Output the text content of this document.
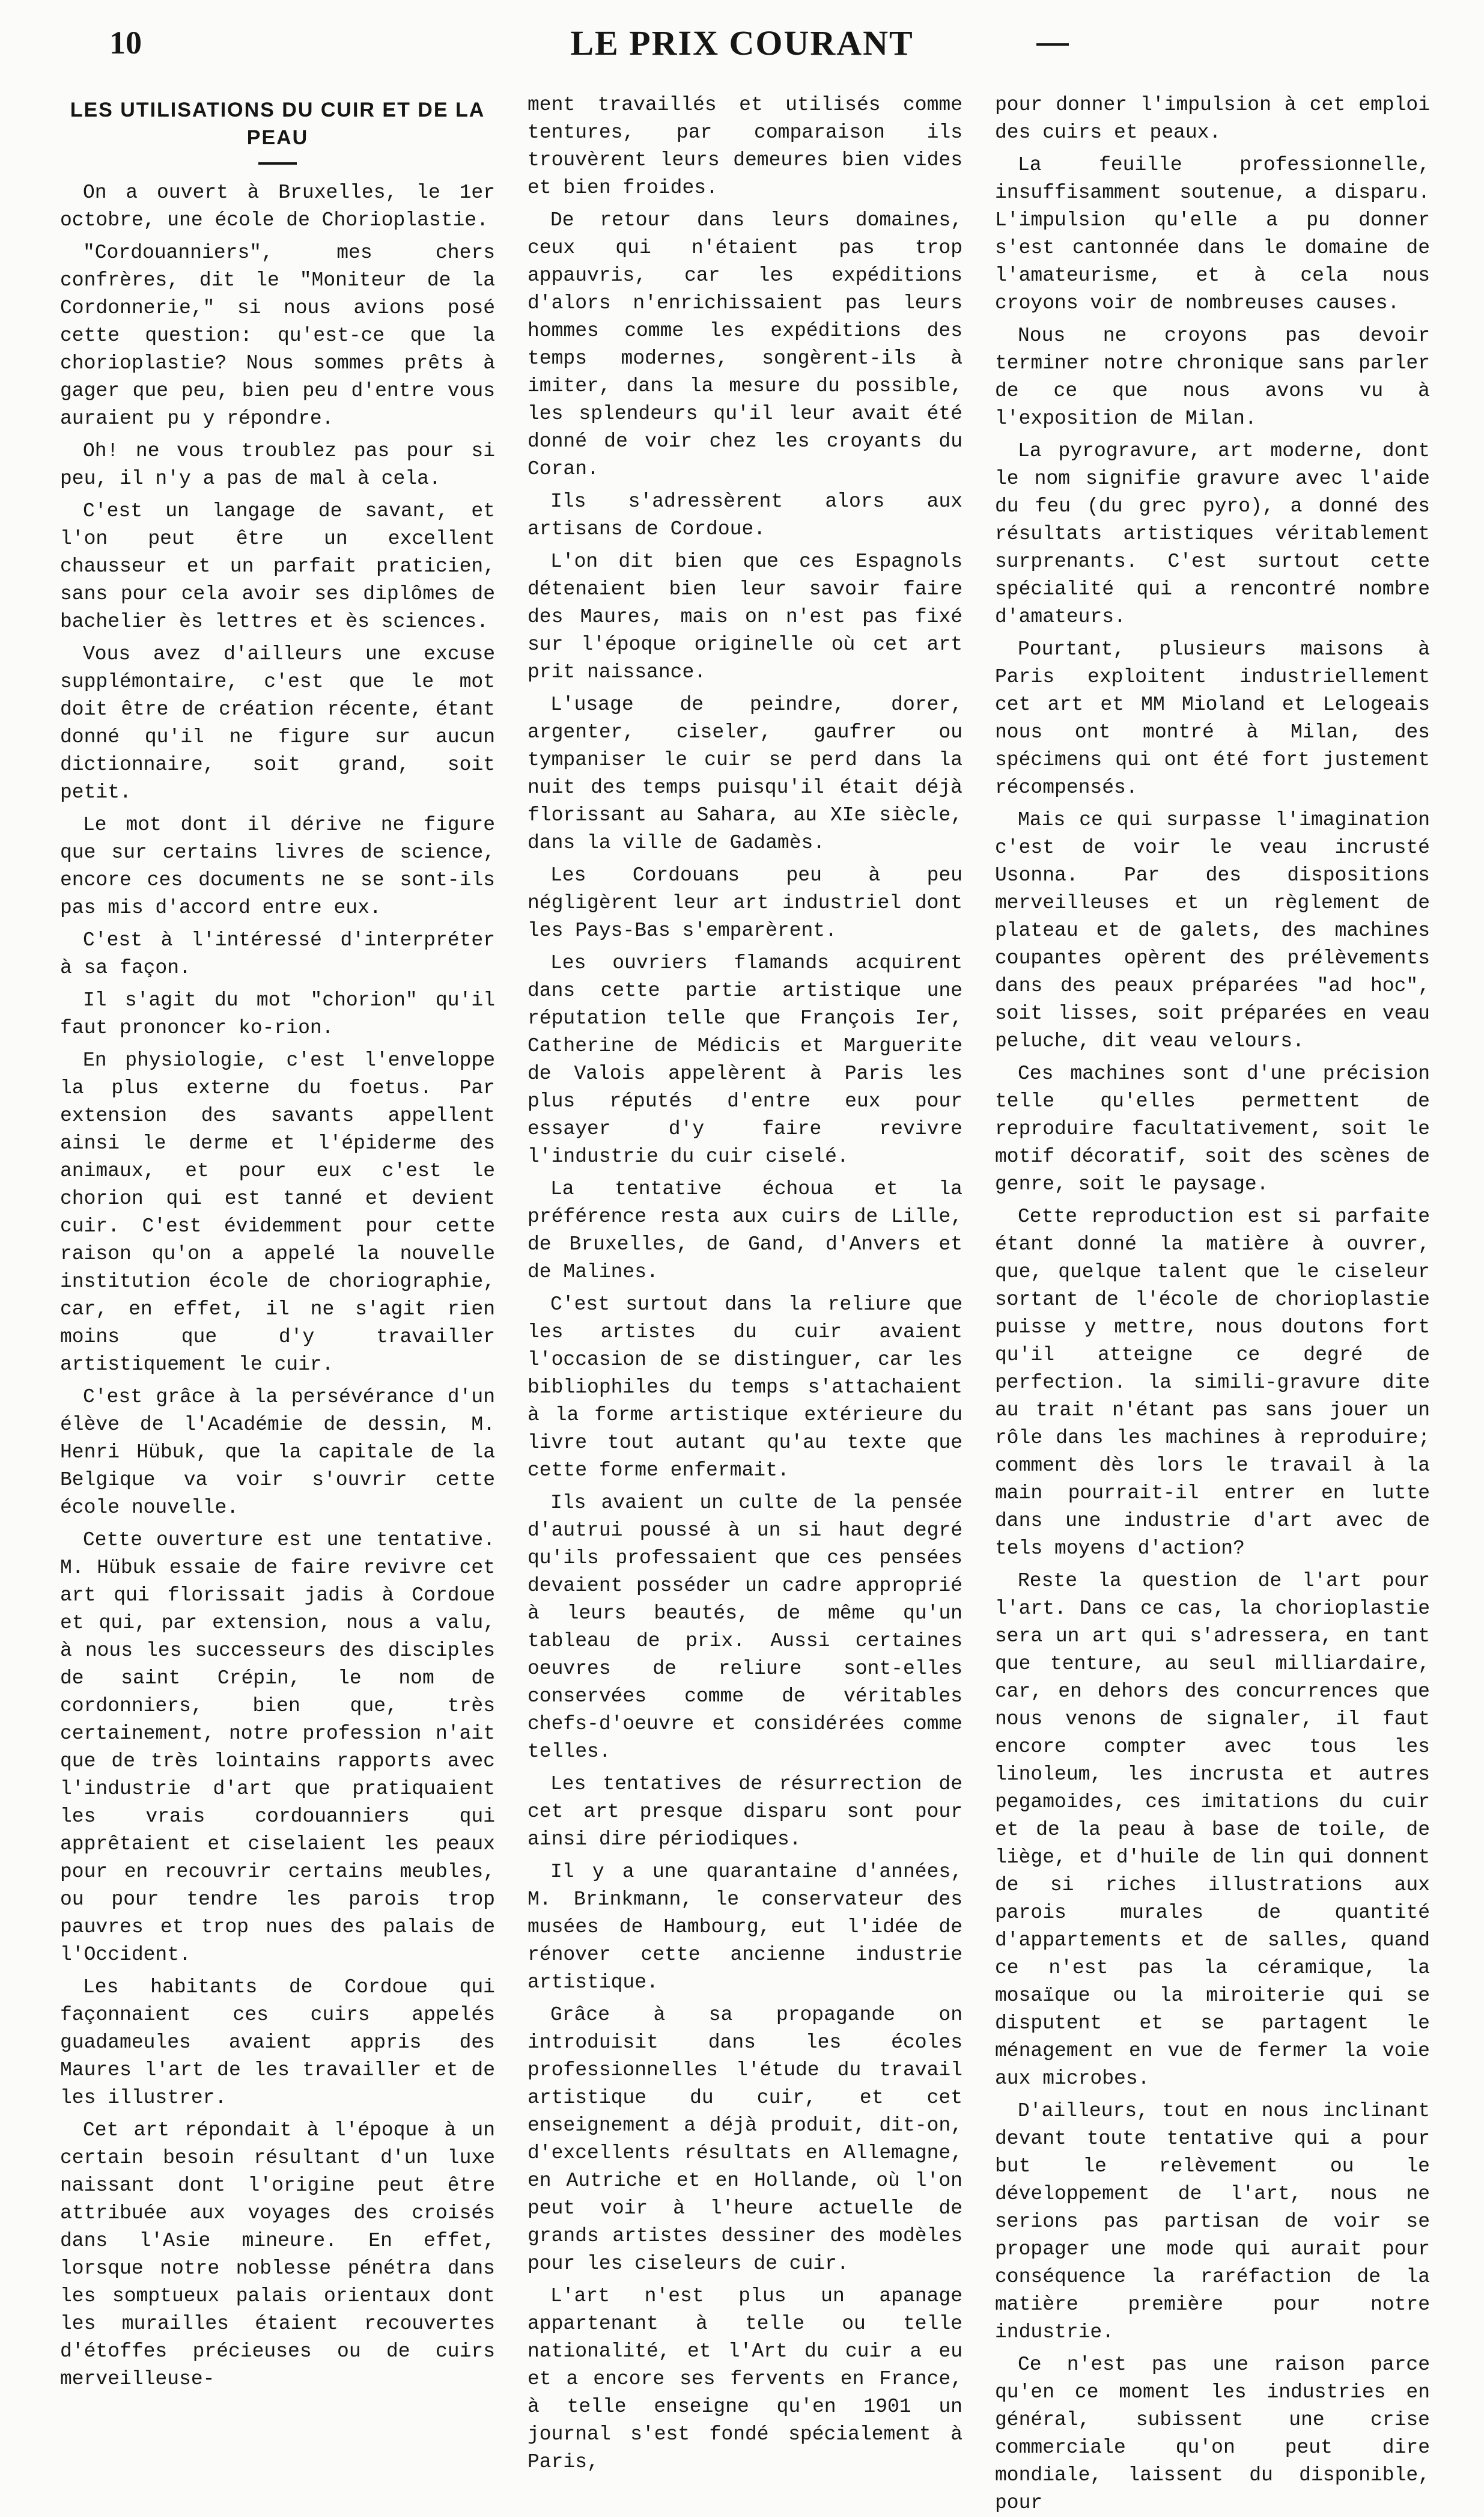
10	LE PRIX COURANT
LES UTILISATIONS DU CUIR ET DE LA PEAU

On a ouvert à Bruxelles, le 1er octobre, une école de Chorioplastie.

"Cordouanniers", mes chers confrères, dit le "Moniteur de la Cordonnerie," si nous avions posé cette question: qu'est-ce que la chorioplastie? Nous sommes prêts à gager que peu, bien peu d'entre vous auraient pu y répondre.

Oh! ne vous troublez pas pour si peu, il n'y a pas de mal à cela.

C'est un langage de savant, et l'on peut être un excellent chausseur et un parfait praticien, sans pour cela avoir ses diplômes de bachelier ès lettres et ès sciences.

Vous avez d'ailleurs une excuse supplémontaire, c'est que le mot doit être de création récente, étant donné qu'il ne figure sur aucun dictionnaire, soit grand, soit petit.

Le mot dont il dérive ne figure que sur certains livres de science, encore ces documents ne se sont-ils pas mis d'accord entre eux.

C'est à l'intéressé d'interpréter à sa façon.

Il s'agit du mot "chorion" qu'il faut prononcer ko-rion.

En physiologie, c'est l'enveloppe la plus externe du foetus. Par extension des savants appellent ainsi le derme et l'épiderme des animaux, et pour eux c'est le chorion qui est tanné et devient cuir. C'est évidemment pour cette raison qu'on a appelé la nouvelle institution école de choriographie, car, en effet, il ne s'agit rien moins que d'y travailler artistiquement le cuir.

C'est grâce à la persévérance d'un élève de l'Académie de dessin, M. Henri Hübuk, que la capitale de la Belgique va voir s'ouvrir cette école nouvelle.

Cette ouverture est une tentative. M. Hübuk essaie de faire revivre cet art qui florissait jadis à Cordoue et qui, par extension, nous a valu, à nous les successeurs des disciples de saint Crépin, le nom de cordonniers, bien que, très certainement, notre profession n'ait que de très lointains rapports avec l'industrie d'art que pratiquaient les vrais cordouanniers qui apprêtaient et ciselaient les peaux pour en recouvrir certains meubles, ou pour tendre les parois trop pauvres et trop nues des palais de l'Occident.

Les habitants de Cordoue qui façonnaient ces cuirs appelés guadameules avaient appris des Maures l'art de les travailler et de les illustrer.

Cet art répondait à l'époque à un certain besoin résultant d'un luxe naissant dont l'origine peut être attribuée aux voyages des croisés dans l'Asie mineure. En effet, lorsque notre noblesse pénétra dans les somptueux palais orientaux dont les murailles étaient recouvertes d'étoffes précieuses ou de cuirs merveilleuse-

ment travaillés et utilisés comme tentures, par comparaison ils trouvèrent leurs demeures bien vides et bien froides.

De retour dans leurs domaines, ceux qui n'étaient pas trop appauvris, car les expéditions d'alors n'enrichissaient pas leurs hommes comme les expéditions des temps modernes, songèrent-ils à imiter, dans la mesure du possible, les splendeurs qu'il leur avait été donné de voir chez les croyants du Coran.

Ils s'adressèrent alors aux artisans de Cordoue.

L'on dit bien que ces Espagnols détenaient bien leur savoir faire des Maures, mais on n'est pas fixé sur l'époque originelle où cet art prit naissance.

L'usage de peindre, dorer, argenter, ciseler, gaufrer ou tympaniser le cuir se perd dans la nuit des temps puisqu'il était déjà florissant au Sahara, au XIe siècle, dans la ville de Gadamès.

Les Cordouans peu à peu négligèrent leur art industriel dont les Pays-Bas s'emparèrent.

Les ouvriers flamands acquirent dans cette partie artistique une réputation telle que François Ier, Catherine de Médicis et Marguerite de Valois appelèrent à Paris les plus réputés d'entre eux pour essayer d'y faire revivre l'industrie du cuir ciselé.

La tentative échoua et la préférence resta aux cuirs de Lille, de Bruxelles, de Gand, d'Anvers et de Malines.

C'est surtout dans la reliure que les artistes du cuir avaient l'occasion de se distinguer, car les bibliophiles du temps s'attachaient à la forme artistique extérieure du livre tout autant qu'au texte que cette forme enfermait.

Ils avaient un culte de la pensée d'autrui poussé à un si haut degré qu'ils professaient que ces pensées devaient posséder un cadre approprié à leurs beautés, de même qu'un tableau de prix. Aussi certaines oeuvres de reliure sont-elles conservées comme de véritables chefs-d'oeuvre et considérées comme telles.

Les tentatives de résurrection de cet art presque disparu sont pour ainsi dire périodiques.

Il y a une quarantaine d'années, M. Brinkmann, le conservateur des musées de Hambourg, eut l'idée de rénover cette ancienne industrie artistique.

Grâce à sa propagande on introduisit dans les écoles professionnelles l'étude du travail artistique du cuir, et cet enseignement a déjà produit, dit-on, d'excellents résultats en Allemagne, en Autriche et en Hollande, où l'on peut voir à l'heure actuelle de grands artistes dessiner des modèles pour les ciseleurs de cuir.

L'art n'est plus un apanage appartenant à telle ou telle nationalité, et l'Art du cuir a eu et a encore ses fervents en France, à telle enseigne qu'en 1901 un journal s'est fondé spécialement à Paris,

pour donner l'impulsion à cet emploi des cuirs et peaux.

La feuille professionnelle, insuffisamment soutenue, a disparu. L'impulsion qu'elle a pu donner s'est cantonnée dans le domaine de l'amateurisme, et à cela nous croyons voir de nombreuses causes.

Nous ne croyons pas devoir terminer notre chronique sans parler de ce que nous avons vu à l'exposition de Milan.

La pyrogravure, art moderne, dont le nom signifie gravure avec l'aide du feu (du grec pyro), a donné des résultats artistiques véritablement surprenants. C'est surtout cette spécialité qui a rencontré nombre d'amateurs.

Pourtant, plusieurs maisons à Paris exploitent industriellement cet art et MM Mioland et Lelogeais nous ont montré à Milan, des spécimens qui ont été fort justement récompensés.

Mais ce qui surpasse l'imagination c'est de voir le veau incrusté Usonna. Par des dispositions merveilleuses et un règlement de plateau et de galets, des machines coupantes opèrent des prélèvements dans des peaux préparées "ad hoc", soit lisses, soit préparées en veau peluche, dit veau velours.

Ces machines sont d'une précision telle qu'elles permettent de reproduire facultativement, soit le motif décoratif, soit des scènes de genre, soit le paysage.

Cette reproduction est si parfaite étant donné la matière à ouvrer, que, quelque talent que le ciseleur sortant de l'école de chorioplastie puisse y mettre, nous doutons fort qu'il atteigne ce degré de perfection. la simili-gravure dite au trait n'étant pas sans jouer un rôle dans les machines à reproduire; comment dès lors le travail à la main pourrait-il entrer en lutte dans une industrie d'art avec de tels moyens d'action?

Reste la question de l'art pour l'art. Dans ce cas, la chorioplastie sera un art qui s'adressera, en tant que tenture, au seul milliardaire, car, en dehors des concurrences que nous venons de signaler, il faut encore compter avec tous les linoleum, les incrusta et autres pegamoides, ces imitations du cuir et de la peau à base de toile, de liège, et d'huile de lin qui donnent de si riches illustrations aux parois murales de quantité d'appartements et de salles, quand ce n'est pas la céramique, la mosaïque ou la miroiterie qui se disputent et se partagent le ménagement en vue de fermer la voie aux microbes.

D'ailleurs, tout en nous inclinant devant toute tentative qui a pour but le relèvement ou le développement de l'art, nous ne serions pas partisan de voir se propager une mode qui aurait pour conséquence la raréfaction de la matière première pour notre industrie.

Ce n'est pas une raison parce qu'en ce moment les industries en général, subissent une crise commerciale qu'on peut dire mondiale, laissent du disponible, pour
